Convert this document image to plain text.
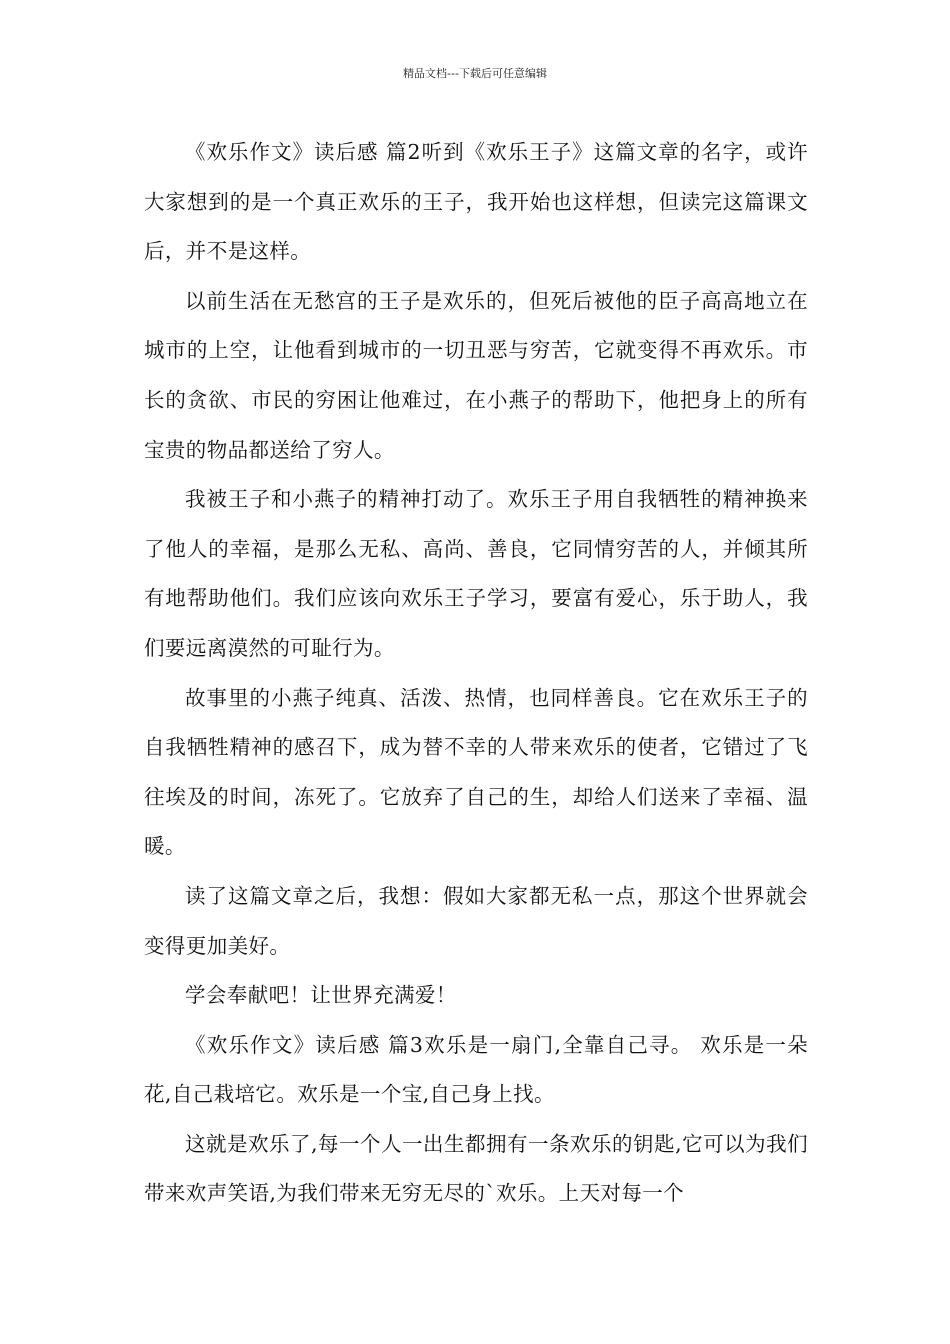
精品文档---下载后可任意编辑

《欢乐作文》读后感 篇2听到《欢乐王子》这篇文章的名字，或许大家想到的是一个真正欢乐的王子，我开始也这样想，但读完这篇课文后，并不是这样。

以前生活在无愁宫的王子是欢乐的，但死后被他的臣子高高地立在城市的上空，让他看到城市的一切丑恶与穷苦，它就变得不再欢乐。市长的贪欲、市民的穷困让他难过，在小燕子的帮助下，他把身上的所有宝贵的物品都送给了穷人。

我被王子和小燕子的精神打动了。欢乐王子用自我牺牲的精神换来了他人的幸福，是那么无私、高尚、善良，它同情穷苦的人，并倾其所有地帮助他们。我们应该向欢乐王子学习，要富有爱心，乐于助人，我们要远离漠然的可耻行为。

故事里的小燕子纯真、活泼、热情，也同样善良。它在欢乐王子的自我牺牲精神的感召下，成为替不幸的人带来欢乐的使者，它错过了飞往埃及的时间，冻死了。它放弃了自己的生，却给人们送来了幸福、温暖。

读了这篇文章之后，我想：假如大家都无私一点，那这个世界就会变得更加美好。

学会奉献吧！让世界充满爱！

《欢乐作文》读后感 篇3欢乐是一扇门,全靠自己寻。 欢乐是一朵花,自己栽培它。欢乐是一个宝,自己身上找。

这就是欢乐了,每一个人一出生都拥有一条欢乐的钥匙,它可以为我们带来欢声笑语,为我们带来无穷无尽的`欢乐。上天对每一个
